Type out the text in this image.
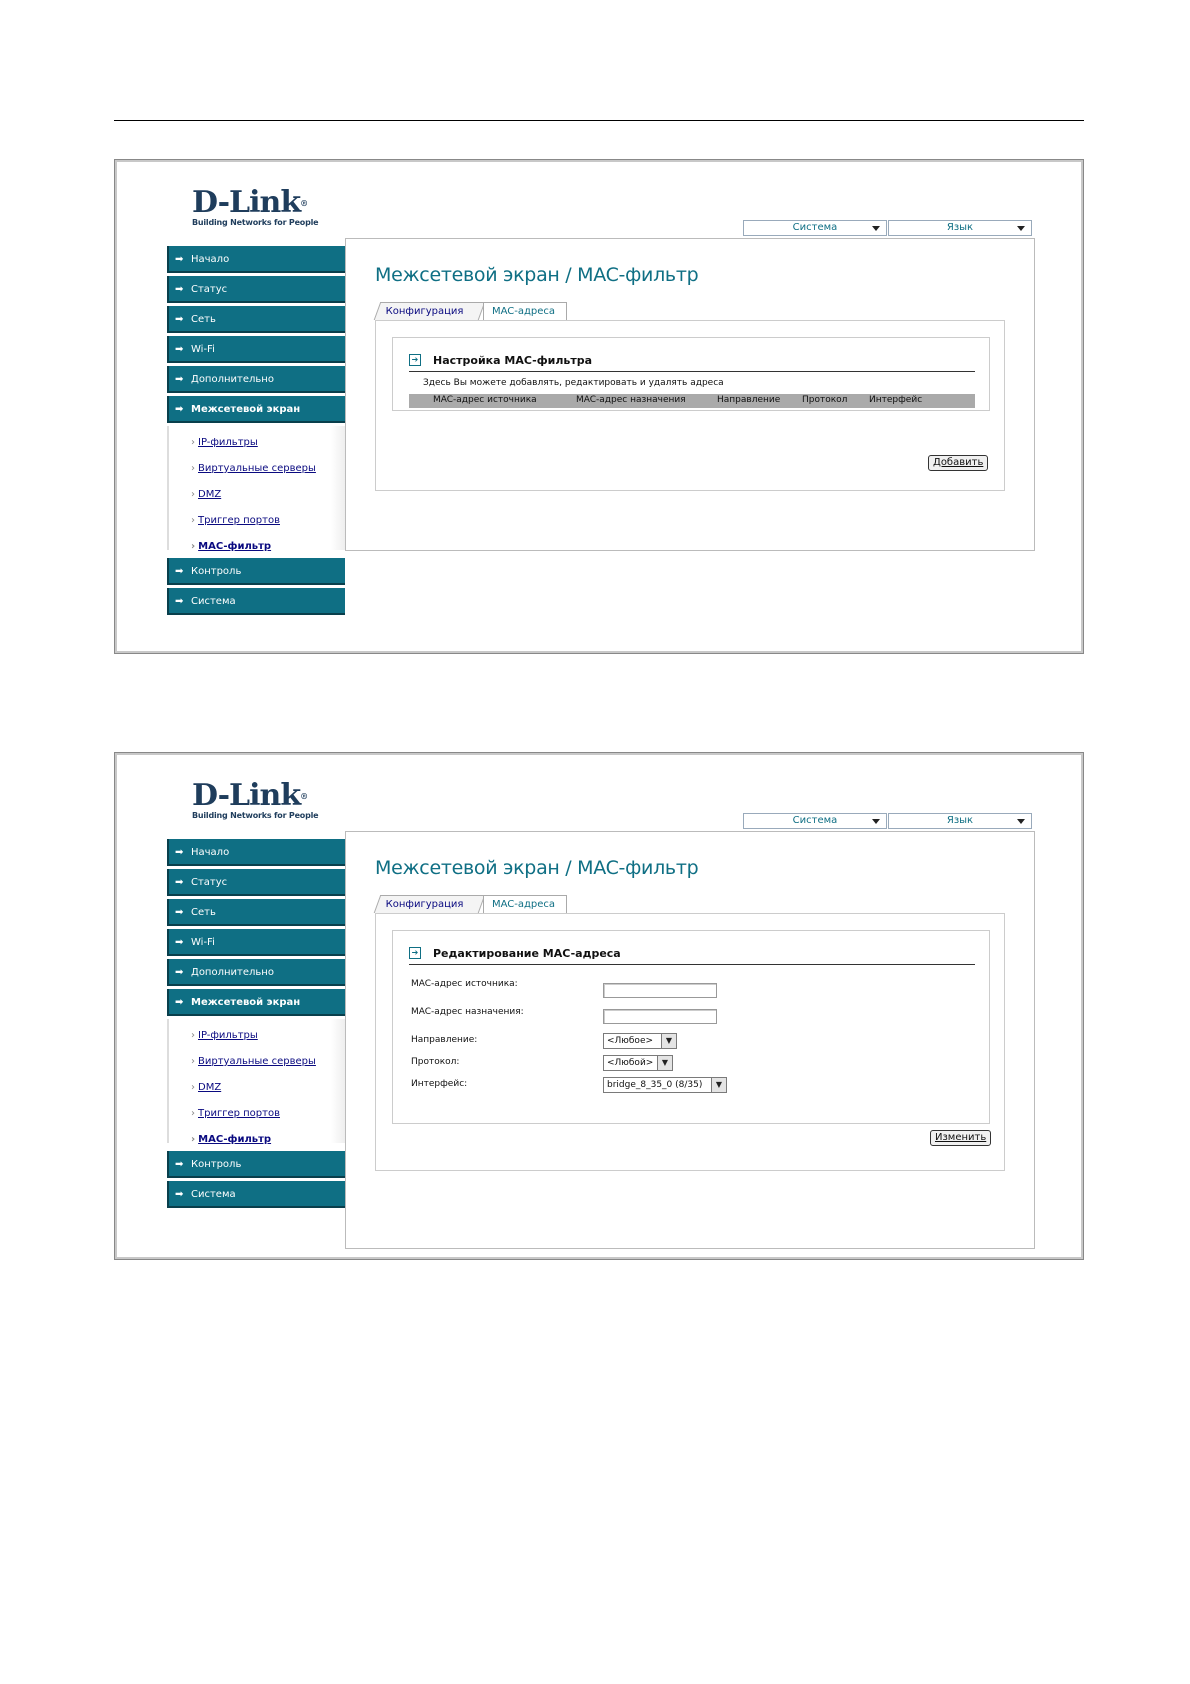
D-Link®
Building Networks for People	Система	Язык
➡ Начало
➡ Статус
➡ Сеть
➡ Wi-Fi
➡ Дополнительно
➡ Межсетевой экран
› IP-фильтры
› Виртуальные серверы
› DMZ
› Триггер портов
› MAC-фильтр
➡ Контроль
➡ Система
Межсетевой экран / MAC-фильтр
Конфигурация	MAC-адреса
➔ Настройка MAC-фильтра
Здесь Вы можете добавлять, редактировать и удалять адреса
MAC-адрес источника	MAC-адрес назначения	Направление Протокол Интерфейс
Добавить
D-Link®
Building Networks for People	Система	Язык
➡ Начало
➡ Статус
➡ Сеть
➡ Wi-Fi
➡ Дополнительно
➡ Межсетевой экран
› IP-фильтры
› Виртуальные серверы
› DMZ
› Триггер портов
› MAC-фильтр
➡ Контроль
➡ Система
Межсетевой экран / MAC-фильтр
Конфигурация	MAC-адреса
➔ Редактирование MAC-адреса
MAC-адрес источника:
MAC-адрес назначения:
Направление:	<Любое>	▼
Протокол:	<Любой>	▼
Интерфейс:	bridge_8_35_0 (8/35)	▼
Изменить
